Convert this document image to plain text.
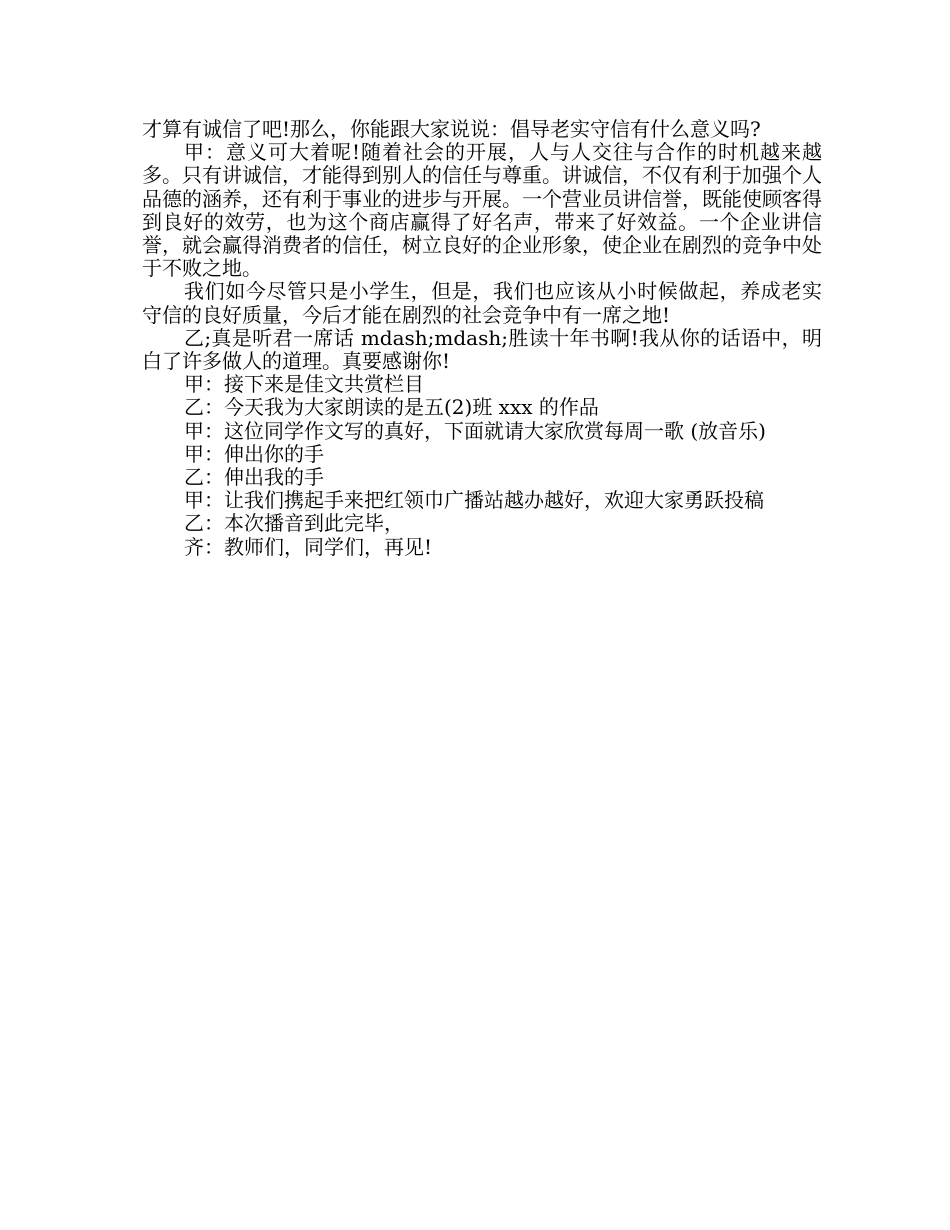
才算有诚信了吧!那么，你能跟大家说说：倡导老实守信有什么意义吗?

甲：意义可大着呢!随着社会的开展，人与人交往与合作的时机越来越多。只有讲诚信，才能得到别人的信任与尊重。讲诚信，不仅有利于加强个人品德的涵养，还有利于事业的进步与开展。一个营业员讲信誉，既能使顾客得到良好的效劳，也为这个商店赢得了好名声，带来了好效益。一个企业讲信誉，就会赢得消费者的信任，树立良好的企业形象，使企业在剧烈的竞争中处于不败之地。

我们如今尽管只是小学生，但是，我们也应该从小时候做起，养成老实守信的良好质量，今后才能在剧烈的社会竞争中有一席之地!

乙;真是听君一席话 mdash;mdash;胜读十年书啊!我从你的话语中，明白了许多做人的道理。真要感谢你!

甲：接下来是佳文共赏栏目

乙：今天我为大家朗读的是五(2)班 xxx 的作品

甲：这位同学作文写的真好，下面就请大家欣赏每周一歌 (放音乐)

甲：伸出你的手

乙：伸出我的手

甲：让我们携起手来把红领巾广播站越办越好，欢迎大家勇跃投稿

乙：本次播音到此完毕，

齐：教师们，同学们，再见!
